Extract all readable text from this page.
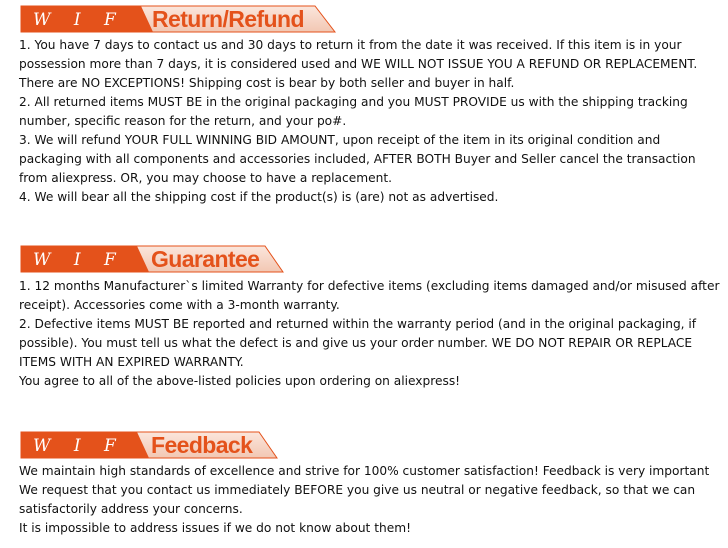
W I F Return/Refund

1. You have 7 days to contact us and 30 days to return it from the date it was received. If this item is in your possession more than 7 days, it is considered used and WE WILL NOT ISSUE YOU A REFUND OR REPLACEMENT. There are NO EXCEPTIONS! Shipping cost is bear by both seller and buyer in half.

2. All returned items MUST BE in the original packaging and you MUST PROVIDE us with the shipping tracking number, specific reason for the return, and your po#.

3. We will refund YOUR FULL WINNING BID AMOUNT, upon receipt of the item in its original condition and packaging with all components and accessories included, AFTER BOTH Buyer and Seller cancel the transaction from aliexpress. OR, you may choose to have a replacement.

4. We will bear all the shipping cost if the product(s) is (are) not as advertised.

W I F Guarantee

1. 12 months Manufacturer`s limited Warranty for defective items (excluding items damaged and/or misused after receipt). Accessories come with a 3-month warranty.

2. Defective items MUST BE reported and returned within the warranty period (and in the original packaging, if possible). You must tell us what the defect is and give us your order number. WE DO NOT REPAIR OR REPLACE ITEMS WITH AN EXPIRED WARRANTY.

You agree to all of the above-listed policies upon ordering on aliexpress!

W I F Feedback

We maintain high standards of excellence and strive for 100% customer satisfaction! Feedback is very important We request that you contact us immediately BEFORE you give us neutral or negative feedback, so that we can satisfactorily address your concerns.

It is impossible to address issues if we do not know about them!
